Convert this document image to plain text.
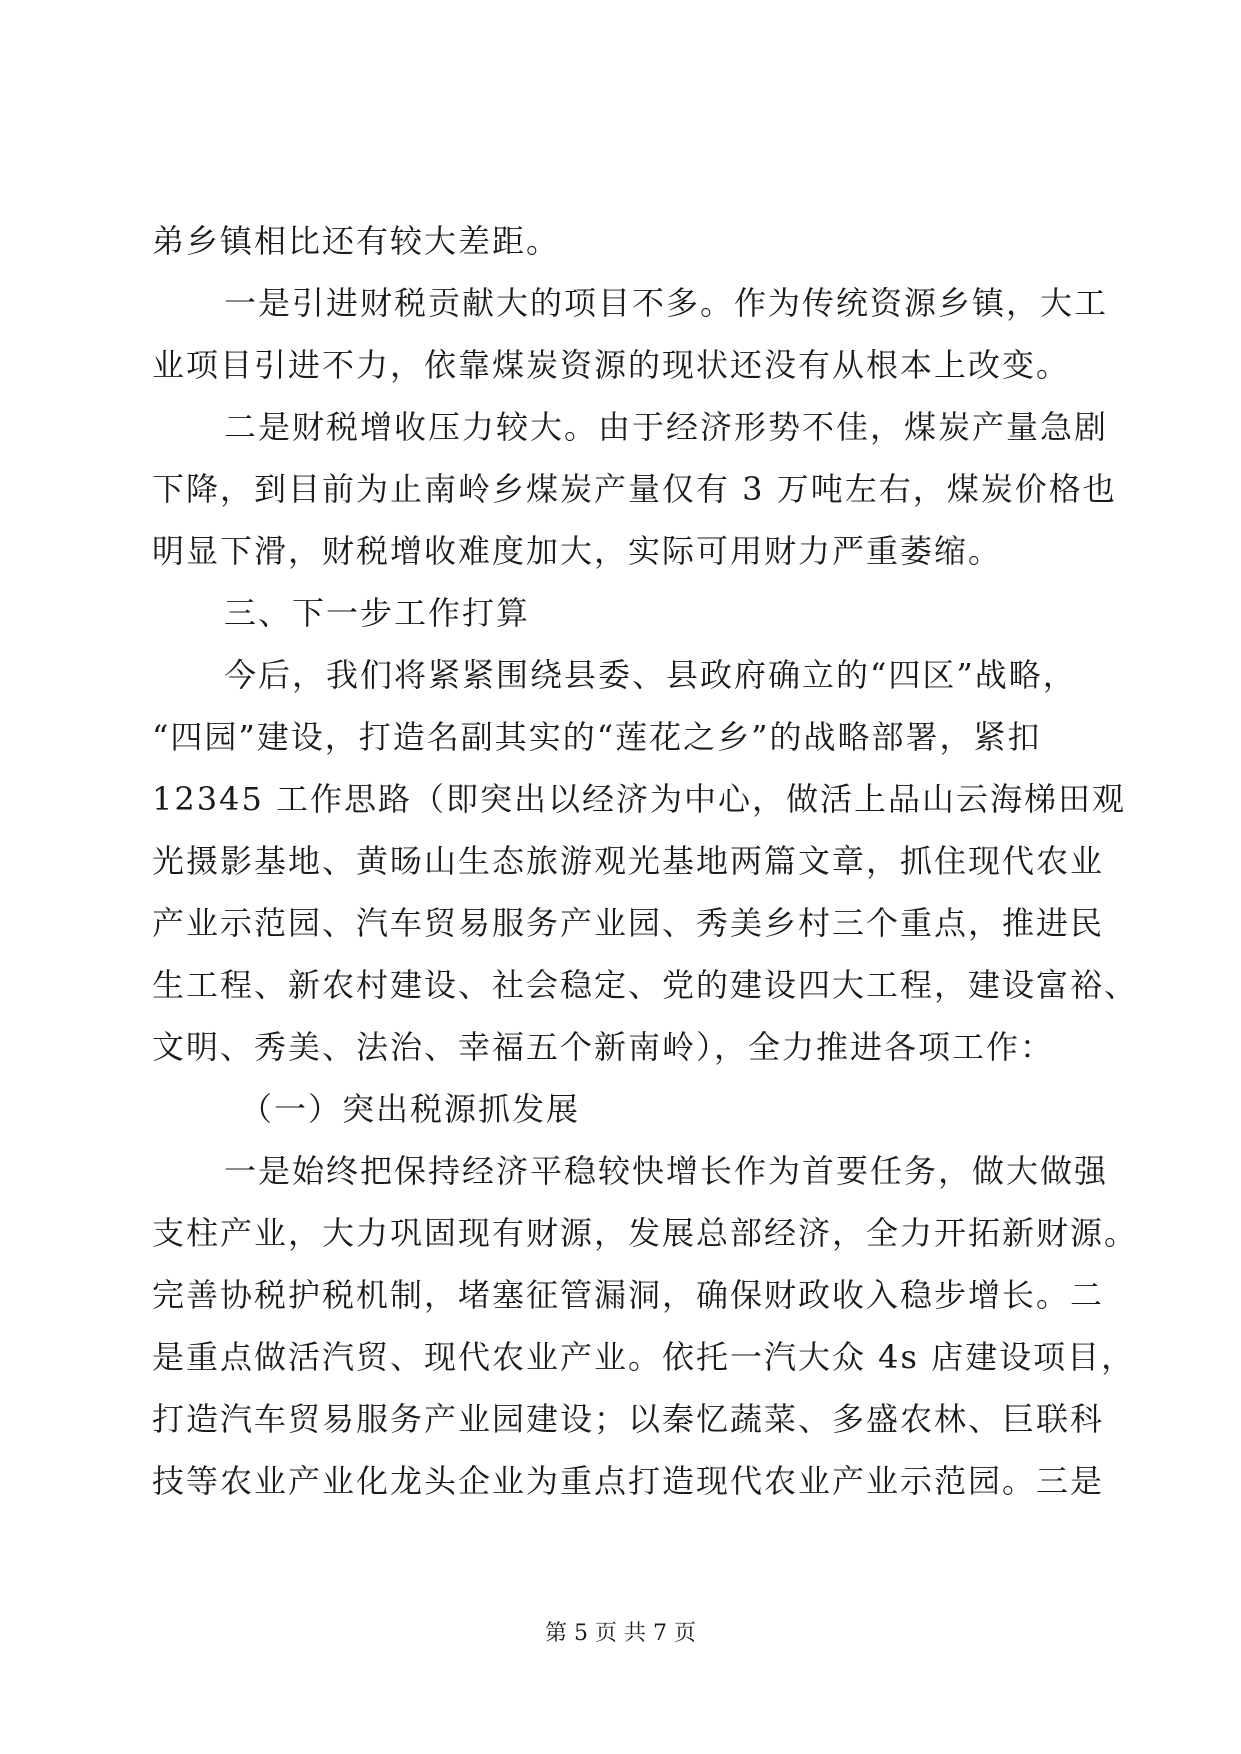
弟乡镇相比还有较大差距。
一是引进财税贡献大的项目不多。作为传统资源乡镇，大工
业项目引进不力，依靠煤炭资源的现状还没有从根本上改变。
二是财税增收压力较大。由于经济形势不佳，煤炭产量急剧
下降，到目前为止南岭乡煤炭产量仅有 3 万吨左右，煤炭价格也
明显下滑，财税增收难度加大，实际可用财力严重萎缩。
三、下一步工作打算
今后，我们将紧紧围绕县委、县政府确立的“四区”战略，
“四园”建设，打造名副其实的“莲花之乡”的战略部署，紧扣
12345 工作思路（即突出以经济为中心，做活上品山云海梯田观
光摄影基地、黄旸山生态旅游观光基地两篇文章，抓住现代农业
产业示范园、汽车贸易服务产业园、秀美乡村三个重点，推进民
生工程、新农村建设、社会稳定、党的建设四大工程，建设富裕、
文明、秀美、法治、幸福五个新南岭），全力推进各项工作：
（一）突出税源抓发展
一是始终把保持经济平稳较快增长作为首要任务，做大做强
支柱产业，大力巩固现有财源，发展总部经济，全力开拓新财源。
完善协税护税机制，堵塞征管漏洞，确保财政收入稳步增长。二
是重点做活汽贸、现代农业产业。依托一汽大众 4s 店建设项目，
打造汽车贸易服务产业园建设；以秦忆蔬菜、多盛农林、巨联科
技等农业产业化龙头企业为重点打造现代农业产业示范园。三是
第 5 页 共 7 页
